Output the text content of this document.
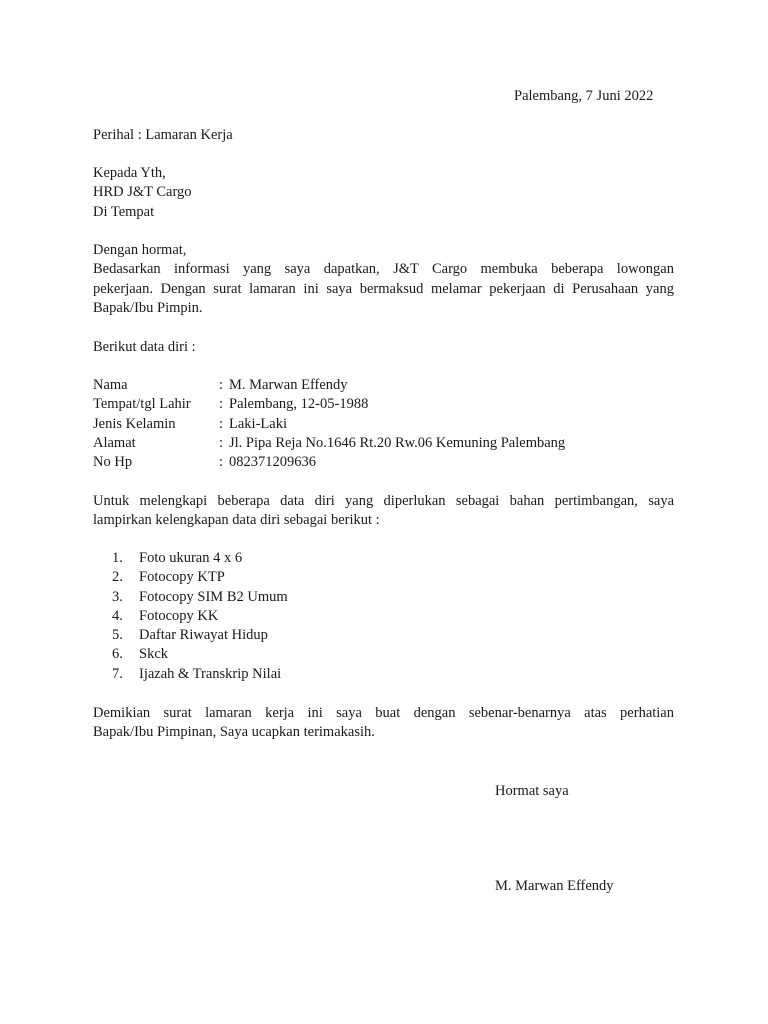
Palembang, 7 Juni 2022
Perihal : Lamaran Kerja
Kepada Yth,
HRD J&T Cargo
Di Tempat
Dengan hormat,
Bedasarkan informasi yang saya dapatkan, J&T Cargo membuka beberapa lowongan
pekerjaan. Dengan surat lamaran ini saya bermaksud melamar pekerjaan di Perusahaan yang
Bapak/Ibu Pimpin.
Berikut data diri :
Nama	: M. Marwan Effendy
Tempat/tgl Lahir	: Palembang, 12-05-1988
Jenis Kelamin	: Laki-Laki
Alamat	: Jl. Pipa Reja No.1646 Rt.20 Rw.06 Kemuning Palembang
No Hp	: 082371209636
Untuk melengkapi beberapa data diri yang diperlukan sebagai bahan pertimbangan, saya
lampirkan kelengkapan data diri sebagai berikut :
1.	Foto ukuran 4 x 6
2.	Fotocopy KTP
3.	Fotocopy SIM B2 Umum
4.	Fotocopy KK
5.	Daftar Riwayat Hidup
6.	Skck
7.	Ijazah & Transkrip Nilai
Demikian surat lamaran kerja ini saya buat dengan sebenar-benarnya atas perhatian
Bapak/Ibu Pimpinan, Saya ucapkan terimakasih.
Hormat saya
M. Marwan Effendy
